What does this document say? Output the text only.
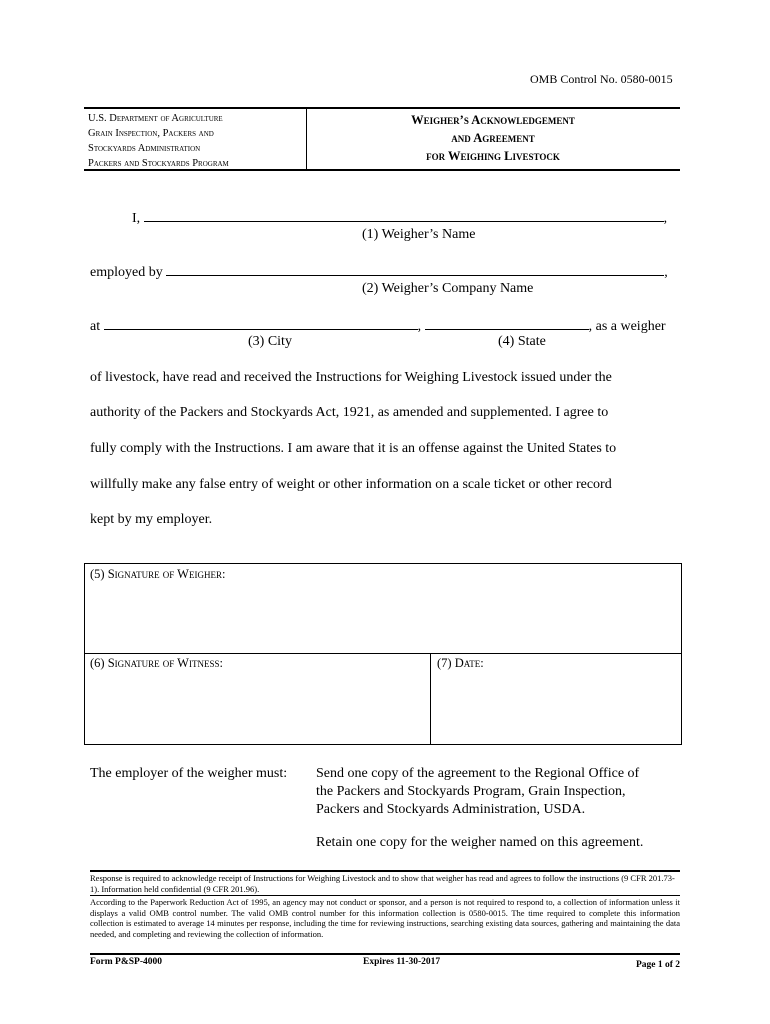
OMB Control No. 0580-0015
U.S. Department of Agriculture
Grain Inspection, Packers and
Stockyards Administration
Packers and Stockyards Program
Weigher’s Acknowledgement
and Agreement
for Weighing Livestock
I,	,
(1) Weigher’s Name
employed by	,
(2) Weigher’s Company Name
at	,	, as a weigher
(3) City	(4) State
of livestock, have read and received the Instructions for Weighing Livestock issued under the
authority of the Packers and Stockyards Act, 1921, as amended and supplemented. I agree to
fully comply with the Instructions. I am aware that it is an offense against the United States to
willfully make any false entry of weight or other information on a scale ticket or other record
kept by my employer.
(5) Signature of Weigher:
(6) Signature of Witness:	(7) Date:
The employer of the weigher must: Send one copy of the agreement to the Regional Office of
the Packers and Stockyards Program, Grain Inspection,
Packers and Stockyards Administration, USDA.
Retain one copy for the weigher named on this agreement.
Response is required to acknowledge receipt of Instructions for Weighing Livestock and to show that weigher has read and agrees to follow the instructions (9 CFR 201.73-1). Information held confidential (9 CFR 201.96).
According to the Paperwork Reduction Act of 1995, an agency may not conduct or sponsor, and a person is not required to respond to, a collection of information unless it displays a valid OMB control number. The valid OMB control number for this information collection is 0580-0015. The time required to complete this information collection is estimated to average 14 minutes per response, including the time for reviewing instructions, searching existing data sources, gathering and maintaining the data needed, and completing and reviewing the collection of information.
Form P&SP-4000	Expires 11-30-2017	Page 1 of 2
